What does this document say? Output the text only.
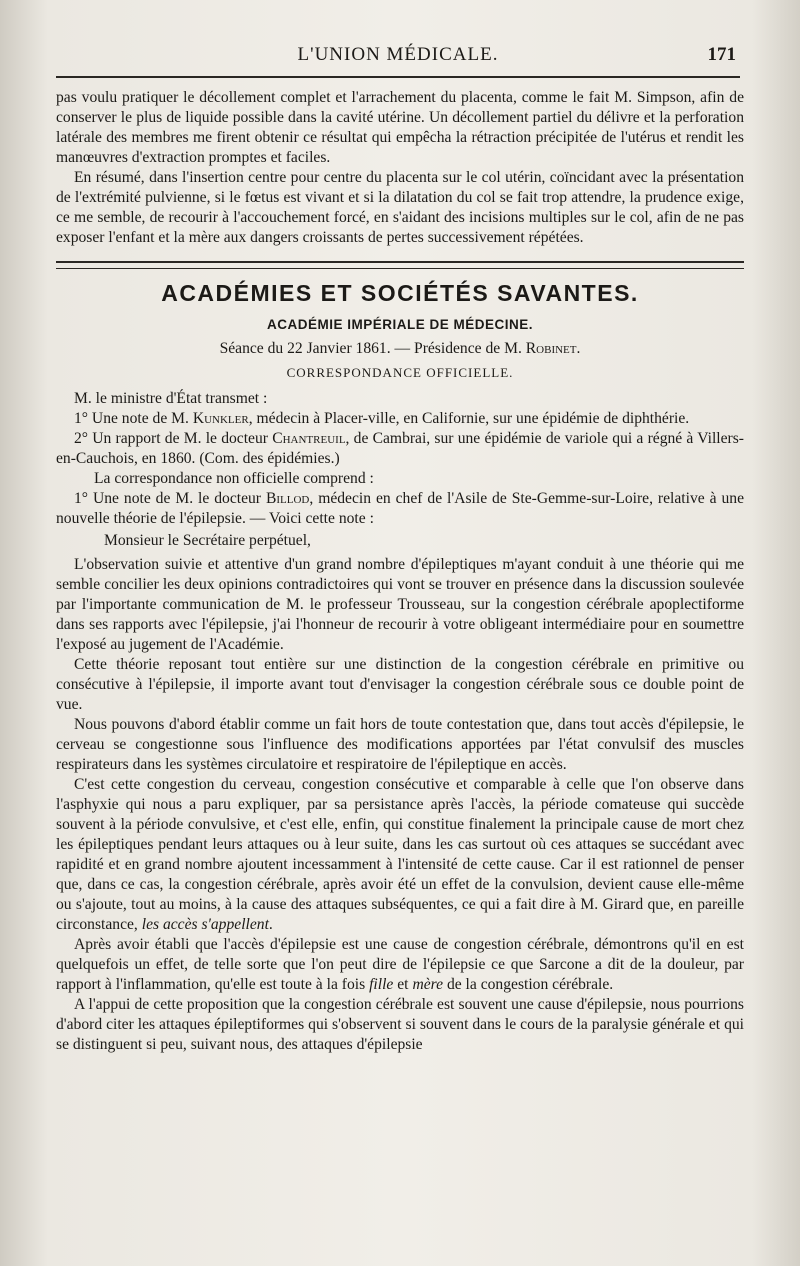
L'UNION MÉDICALE.	171

pas voulu pratiquer le décollement complet et l'arrachement du placenta, comme le fait M. Simpson, afin de conserver le plus de liquide possible dans la cavité utérine. Un décollement partiel du délivre et la perforation latérale des membres me firent obtenir ce résultat qui empêcha la rétraction précipitée de l'utérus et rendit les manœuvres d'extraction promptes et faciles.

En résumé, dans l'insertion centre pour centre du placenta sur le col utérin, coïncidant avec la présentation de l'extrémité pulvienne, si le fœtus est vivant et si la dilatation du col se fait trop attendre, la prudence exige, ce me semble, de recourir à l'accouchement forcé, en s'aidant des incisions multiples sur le col, afin de ne pas exposer l'enfant et la mère aux dangers croissants de pertes successivement répétées.

ACADÉMIES ET SOCIÉTÉS SAVANTES.
ACADÉMIE IMPÉRIALE DE MÉDECINE.
Séance du 22 Janvier 1861. — Présidence de M. Robinet.
CORRESPONDANCE OFFICIELLE.

M. le ministre d'État transmet :

1° Une note de M. Kunkler, médecin à Placer-ville, en Californie, sur une épidémie de diphthérie.

2° Un rapport de M. le docteur Chantreuil, de Cambrai, sur une épidémie de variole qui a régné à Villers-en-Cauchois, en 1860. (Com. des épidémies.)

La correspondance non officielle comprend :

1° Une note de M. le docteur Billod, médecin en chef de l'Asile de Ste-Gemme-sur-Loire, relative à une nouvelle théorie de l'épilepsie. — Voici cette note :

Monsieur le Secrétaire perpétuel,

L'observation suivie et attentive d'un grand nombre d'épileptiques m'ayant conduit à une théorie qui me semble concilier les deux opinions contradictoires qui vont se trouver en présence dans la discussion soulevée par l'importante communication de M. le professeur Trousseau, sur la congestion cérébrale apoplectiforme dans ses rapports avec l'épilepsie, j'ai l'honneur de recourir à votre obligeant intermédiaire pour en soumettre l'exposé au jugement de l'Académie.

Cette théorie reposant tout entière sur une distinction de la congestion cérébrale en primitive ou consécutive à l'épilepsie, il importe avant tout d'envisager la congestion cérébrale sous ce double point de vue.

Nous pouvons d'abord établir comme un fait hors de toute contestation que, dans tout accès d'épilepsie, le cerveau se congestionne sous l'influence des modifications apportées par l'état convulsif des muscles respirateurs dans les systèmes circulatoire et respiratoire de l'épileptique en accès.

C'est cette congestion du cerveau, congestion consécutive et comparable à celle que l'on observe dans l'asphyxie qui nous a paru expliquer, par sa persistance après l'accès, la période comateuse qui succède souvent à la période convulsive, et c'est elle, enfin, qui constitue finalement la principale cause de mort chez les épileptiques pendant leurs attaques ou à leur suite, dans les cas surtout où ces attaques se succédant avec rapidité et en grand nombre ajoutent incessamment à l'intensité de cette cause. Car il est rationnel de penser que, dans ce cas, la congestion cérébrale, après avoir été un effet de la convulsion, devient cause elle-même ou s'ajoute, tout au moins, à la cause des attaques subséquentes, ce qui a fait dire à M. Girard que, en pareille circonstance, les accès s'appellent.

Après avoir établi que l'accès d'épilepsie est une cause de congestion cérébrale, démontrons qu'il en est quelquefois un effet, de telle sorte que l'on peut dire de l'épilepsie ce que Sarcone a dit de la douleur, par rapport à l'inflammation, qu'elle est toute à la fois fille et mère de la congestion cérébrale.

A l'appui de cette proposition que la congestion cérébrale est souvent une cause d'épilepsie, nous pourrions d'abord citer les attaques épileptiformes qui s'observent si souvent dans le cours de la paralysie générale et qui se distinguent si peu, suivant nous, des attaques d'épilepsie
